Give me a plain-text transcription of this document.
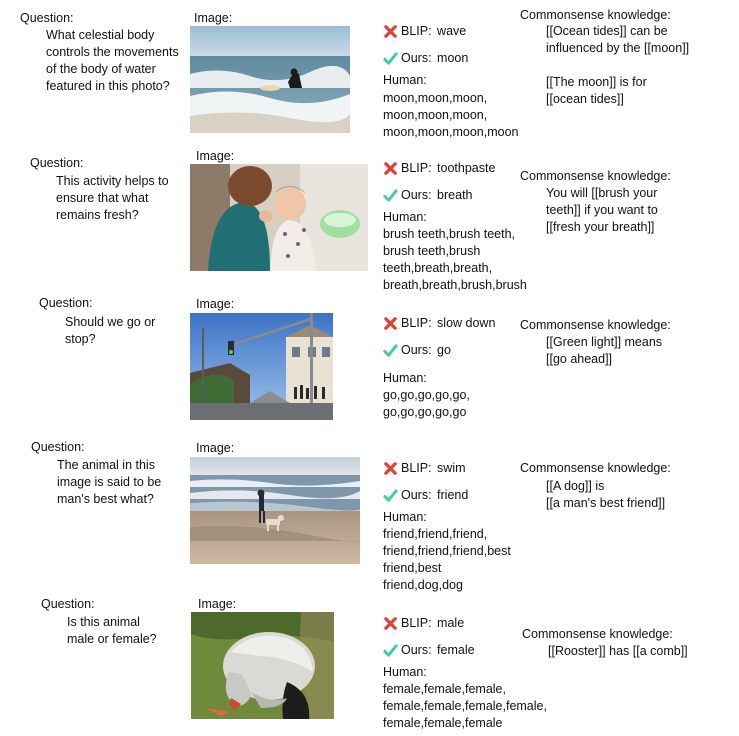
Question:
What celestial body controls the movements of the body of water featured in this photo?
Image:
BLIP: wave
Ours: moon
Human:
moon,moon,moon,
moon,moon,moon,
moon,moon,moon,moon
Commonsense knowledge:
[[Ocean tides]] can be
influenced by the [[moon]]
[[The moon]] is for
[[ocean tides]]
Question:
This activity helps to ensure that what remains fresh?
Image:
BLIP: toothpaste
Ours: breath
Human:
brush teeth,brush teeth,
brush teeth,brush
teeth,breath,breath,
breath,breath,brush,brush
Commonsense knowledge:
You will [[brush your
teeth]] if you want to
[[fresh your breath]]
Question:
Should we go or stop?
Image:
BLIP: slow down
Ours: go
Human:
go,go,go,go,go,
go,go,go,go,go
Commonsense knowledge:
[[Green light]] means
[[go ahead]]
Question:
The animal in this image is said to be man's best what?
Image:
BLIP: swim
Ours: friend
Human:
friend,friend,friend,
friend,friend,friend,best
friend,best
friend,dog,dog
Commonsense knowledge:
[[A dog]] is
[[a man's best friend]]
Question:
Is this animal male or female?
Image:
BLIP: male
Ours: female
Human:
female,female,female,
female,female,female,female,
female,female,female
Commonsense knowledge:
[[Rooster]] has [[a comb]]
